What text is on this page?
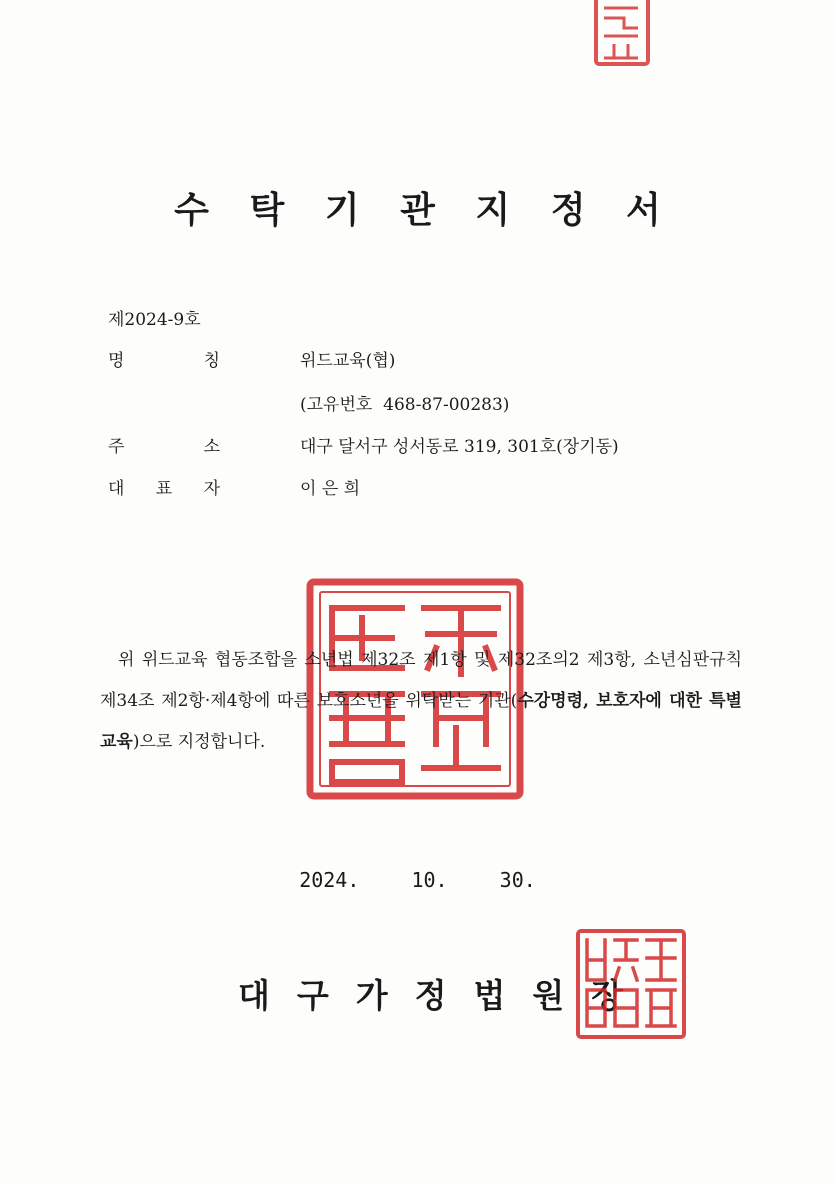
수 탁 기 관 지 정 서
제2024-9호
명	칭	위드교육(협)
(고유번호  468-87-00283)
주	소	대구 달서구 성서동로 319, 301호(장기동)
대 표 자	이 은 희
위 위드교육 협동조합을 소년법 제32조 제1항 및 제32조의2 제3항, 소년심판규칙 제34조 제2항·제4항에 따른 보호소년을 위탁받는 기관(수강명령, 보호자에 대한 특별교육)으로 지정합니다.
2024.  10.  30.
대구가정법원장
